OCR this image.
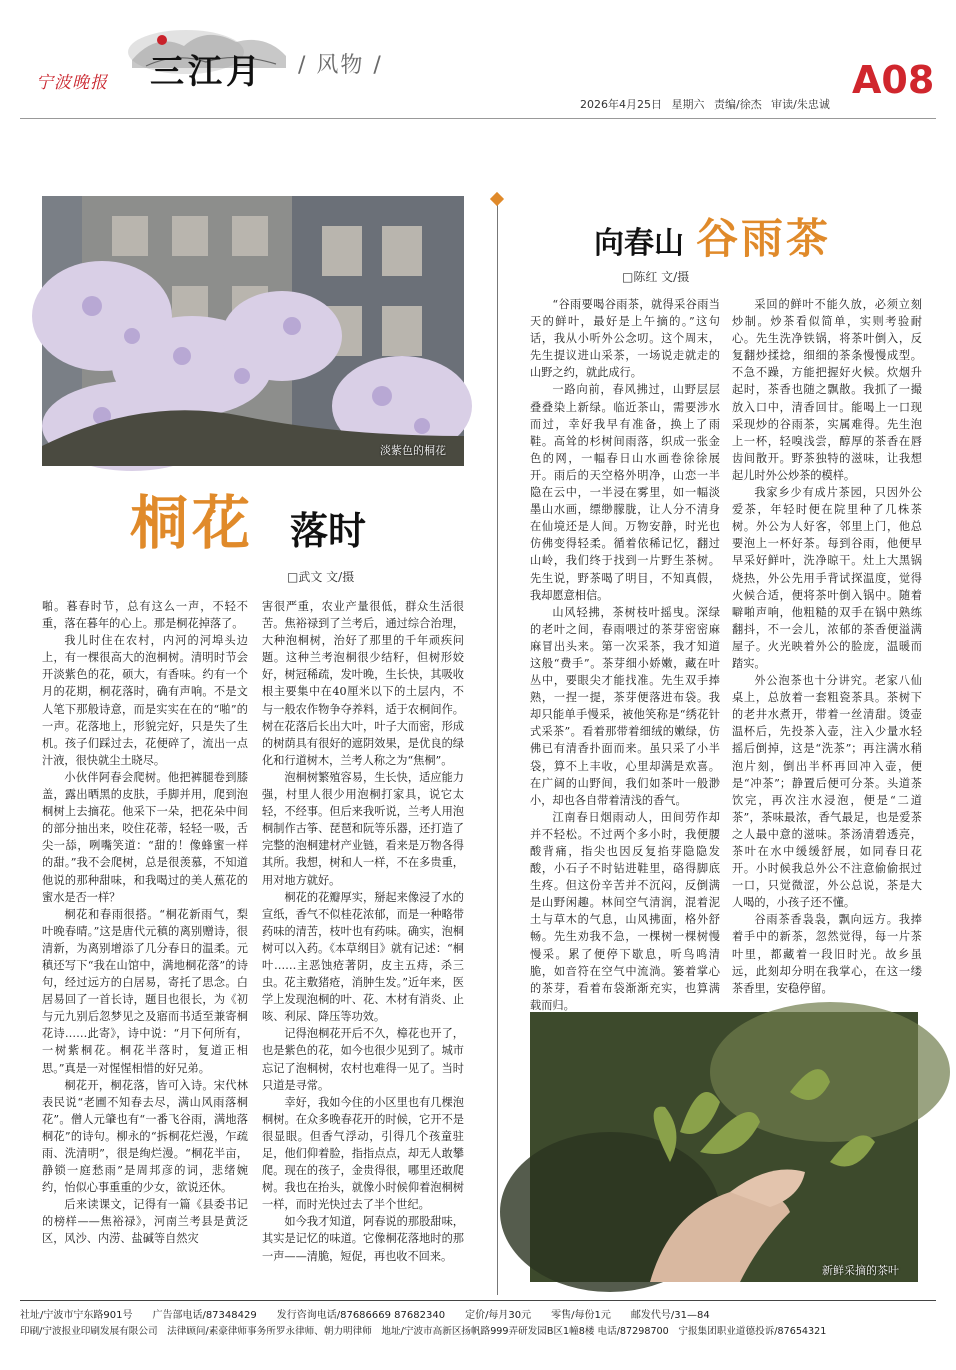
宁波晚报 三江月 / 风物 /	A08
2026年4月25日 星期六 责编/徐杰 审读/朱忠诚
淡紫色的桐花
桐花 落时
□武文 文/摄

啪。暮春时节，总有这么一声，不轻不重，落在暮年的心上。那是桐花掉落了。

我儿时住在农村，内河的河埠头边上，有一棵很高大的泡桐树。清明时节会开淡紫色的花，硕大，有香味。约有一个月的花期，桐花落时，确有声响。不是文人笔下那般诗意，而是实实在在的“啪”的一声。花落地上，形貌完好，只是失了生机。孩子们踩过去，花便碎了，流出一点汁液，很快就尘土晓尽。

小伙伴阿春会爬树。他把裤腿卷到膝盖，露出晒黑的皮肤，手脚并用，爬到泡桐树上去摘花。他采下一朵，把花朵中间的部分抽出来，咬住花蒂，轻轻一吸，舌尖一舔，咧嘴笑道：“甜的！像蜂蜜一样的甜。”我不会爬树，总是很羡慕，不知道他说的那种甜味，和我喝过的美人蕉花的蜜水是否一样？

桐花和春雨很搭。“桐花新雨气，梨叶晚春晴。”这是唐代元稹的离别赠诗，很清新，为离别增添了几分春日的温柔。元稹还写下“我在山馆中，满地桐花落”的诗句，经过远方的白居易，寄托了思念。白居易回了一首长诗，题目也很长，为《初与元九别后忽梦见之及寤而书适至兼寄桐花诗……此寄》，诗中说：“月下何所有，一树紫桐花。桐花半落时，复道正相思。”真是一对惺惺相惜的好兄弟。

桐花开，桐花落，皆可入诗。宋代林表民说“老圃不知春去尽，满山风雨落桐花”。僧人元肇也有“一番飞谷雨，满地落桐花”的诗句。柳永的“拆桐花烂漫，乍疏雨、洗清明”，很是绚烂漫。“桐花半亩，静锁一庭愁雨”是周邦彦的词，悲绪婉约，怡似心事重重的少女，欲说还休。

后来读课文，记得有一篇《县委书记的榜样——焦裕禄》，河南兰考县是黄泛区，风沙、内涝、盐碱等自然灾

害很严重，农业产量很低，群众生活很苦。焦裕禄到了兰考后，通过综合治理，大种泡桐树，治好了那里的千年顽疾问题。这种兰考泡桐很少结籽，但树形姣好，树冠稀疏，发叶晚，生长快，其吸收根主要集中在40厘米以下的土层内，不与一般农作物争夺养料，适于农桐间作。树在花落后长出大叶，叶子大而密，形成的树荫具有很好的遮阴效果，是优良的绿化和行道树木，兰考人称之为“焦桐”。

泡桐树繁殖容易，生长快，适应能力强，村里人很少用泡桐打家具，说它太轻，不经事。但后来我听说，兰考人用泡桐制作古筝、琵琶和阮等乐器，还打造了完整的泡桐建材产业链，看来是万物各得其所。我想，树和人一样，不在多贵重，用对地方就好。

桐花的花瓣厚实，掰起来像浸了水的宣纸，香气不似桂花浓郁，而是一种略带药味的清苦，枝叶也有药味。确实，泡桐树可以入药。《本草纲目》就有记述：“桐叶……主恶蚀疮著阴，皮主五痔，杀三虫。花主敷猪疮，消肿生发。”近年来，医学上发现泡桐的叶、花、木材有消炎、止咳、利尿、降压等功效。

记得泡桐花开后不久，樟花也开了，也是紫色的花，如今也很少见到了。城市忘记了泡桐树，农村也难得一见了。当时只道是寻常。

幸好，我如今住的小区里也有几棵泡桐树。在众多晚春花开的时候，它开不是很显眼。但香气浮动，引得几个孩童驻足，他们仰着脸，指指点点，却无人敢攀爬。现在的孩子，金贵得很，哪里还敢爬树。我也在抬头，就像小时候仰着泡桐树一样，而时光快过去了半个世纪。

如今我才知道，阿春说的那股甜味，其实是记忆的味道。它像桐花落地时的那一声——清脆，短促，再也收不回来。

向春山 谷雨茶
□陈红 文/摄

“谷雨要喝谷雨茶，就得采谷雨当天的鲜叶，最好是上午摘的。”这句话，我从小听外公念叨。这个周末，先生提议进山采茶，一场说走就走的山野之约，就此成行。

一路向前，春风拂过，山野层层叠叠染上新绿。临近茶山，需要涉水而过，幸好我早有准备，换上了雨鞋。高耸的杉树间雨落，织成一张金色的网，一幅春日山水画卷徐徐展开。雨后的天空格外明净，山恋一半隐在云中，一半浸在雾里，如一幅淡墨山水画，缥缈朦胧，让人分不清身在仙境还是人间。万物安静，时光也仿佛变得轻柔。循着依稀记忆，翻过山岭，我们终于找到一片野生茶树。先生说，野茶喝了明目，不知真假，我却愿意相信。

山风轻拂，茶树枝叶摇曳。深绿的老叶之间，春雨喂过的茶芽密密麻麻冒出头来。第一次采茶，我才知道这般“费手”。茶芽细小娇嫩，藏在叶丛中，要眼尖才能找准。先生双手捧熟，一捏一提，茶芽便落进布袋。我却只能单手慢采，被他笑称是“绣花针式采茶”。看着那带着细绒的嫩绿，仿佛已有清香扑面而来。虽只采了小半袋，算不上丰收，心里却满是欢喜。在广阔的山野间，我们如茶叶一般渺小，却也各自带着清浅的香气。

江南春日烟雨动人，田间劳作却并不轻松。不过两个多小时，我便腰酸背痛，指尖也因反复掐芽隐隐发酸，小石子不时钻进鞋里，硌得脚底生疼。但这份辛苦并不沉闷，反倒满是山野闲趣。林间空气清润，混着泥土与草木的气息，山风拂面，格外舒畅。先生劝我不急，一棵树一棵树慢慢采。累了便停下歇息，听鸟鸣清脆，如音符在空气中流淌。篓着掌心的茶芽，看着布袋渐渐充实，也算满载而归。

采回的鲜叶不能久放，必须立刻炒制。炒茶看似简单，实则考验耐心。先生洗净铁锅，将茶叶倒入，反复翻炒揉捻，细细的茶条慢慢成型。不急不躁，方能把握好火候。炊烟升起时，茶香也随之飘散。我抓了一撮放入口中，清香回甘。能喝上一口现采现炒的谷雨茶，实属难得。先生泡上一杯，轻嗅浅尝，醇厚的茶香在唇齿间散开。野茶独特的滋味，让我想起儿时外公炒茶的模样。

我家乡少有成片茶园，只因外公爱茶，年轻时便在院里种了几株茶树。外公为人好客，邻里上门，他总要泡上一杯好茶。每到谷雨，他便早早采好鲜叶，洗净晾干。灶上大黑锅烧热，外公先用手背试探温度，觉得火候合适，便将茶叶倒入锅中。随着噼啪声响，他粗糙的双手在锅中熟练翻抖，不一会儿，浓郁的茶香便溢满屋子。火光映着外公的脸庞，温暖而踏实。

外公泡茶也十分讲究。老家八仙桌上，总放着一套粗瓷茶具。茶树下的老井水煮开，带着一丝清甜。烫壶温杯后，先投茶入壶，注入少量水轻摇后倒掉，这是“洗茶”；再注满水稍泡片刻，倒出半杯再回冲入壶，便是“冲茶”；静置后便可分茶。头道茶饮完，再次注水浸泡，便是“二道茶”，茶味最浓，香气最足，也是爱茶之人最中意的滋味。茶汤清碧透亮，茶叶在水中缓缓舒展，如同春日花开。小时候我总外公不注意偷偷抿过一口，只觉微涩，外公总说，茶是大人喝的，小孩子还不懂。

谷雨茶香袅袅，飘向远方。我捧着手中的新茶，忽然觉得，每一片茶叶里，都藏着一段旧时光。故乡虽远，此刻却分明在我掌心，在这一缕茶香里，安稳停留。

新鲜采摘的茶叶
社址/宁波市宁东路901号　　广告部电话/87348429　　发行咨询电话/87686669 87682340　　定价/每月30元　　零售/每份1元　　邮发代号/31—84
印刷/宁波报业印刷发展有限公司　法律顾问/素豪律师事务所罗永律师、朝力明律师　地址/宁波市高新区扬帆路999弄研发园B区1幢8楼 电话/87298700　宁报集团职业道德投诉/87654321
